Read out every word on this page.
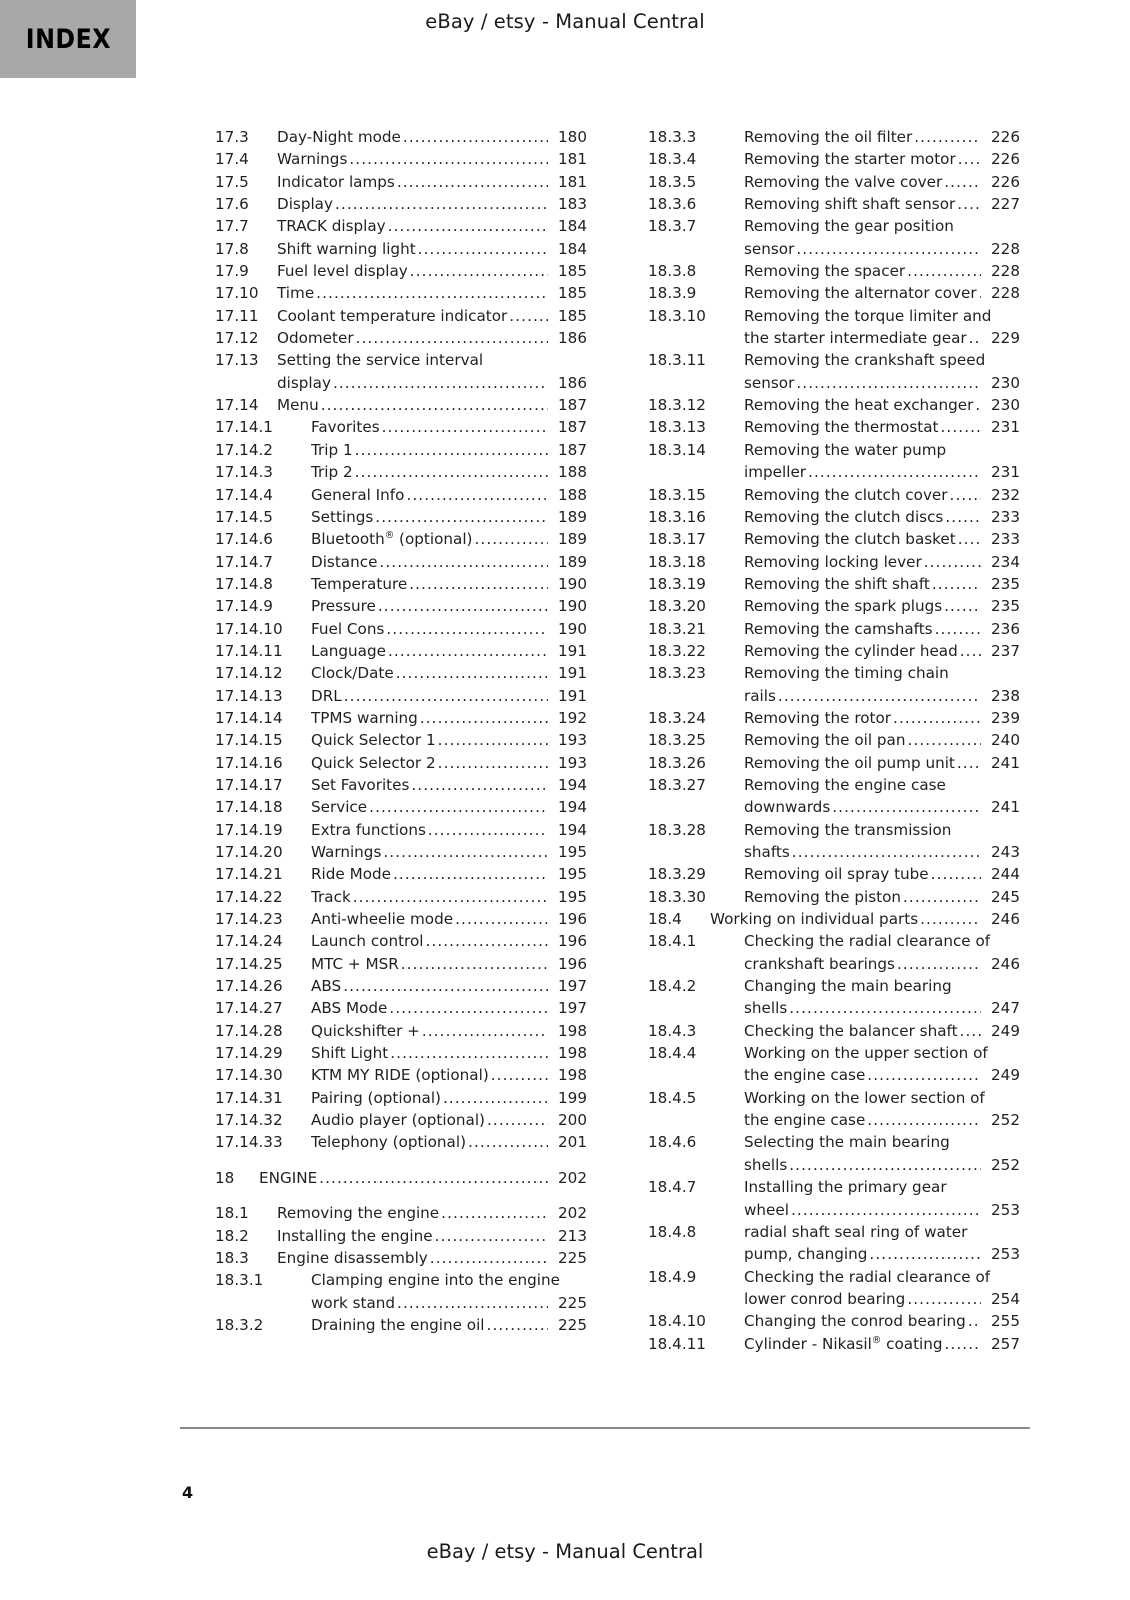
INDEX
eBay / etsy - Manual Central
17.3	Day-Night mode .....	180
17.4	Warnings .....	181
17.5	Indicator lamps .....	181
17.6	Display .....	183
17.7	TRACK display .....	184
17.8	Shift warning light .....	184
17.9	Fuel level display .....	185
17.10	Time .....	185
17.11	Coolant temperature indicator .....	185
17.12	Odometer .....	186
17.13	Setting the service interval
display .....	186
17.14	Menu .....	187
17.14.1	Favorites .....	187
17.14.2	Trip 1 .....	187
17.14.3	Trip 2 .....	188
17.14.4	General Info .....	188
17.14.5	Settings .....	189
17.14.6	Bluetooth® (optional) .....	189
17.14.7	Distance .....	189
17.14.8	Temperature .....	190
17.14.9	Pressure .....	190
17.14.10	Fuel Cons .....	190
17.14.11	Language .....	191
17.14.12	Clock/Date .....	191
17.14.13	DRL .....	191
17.14.14	TPMS warning .....	192
17.14.15	Quick Selector 1 .....	193
17.14.16	Quick Selector 2 .....	193
17.14.17	Set Favorites .....	194
17.14.18	Service .....	194
17.14.19	Extra functions .....	194
17.14.20	Warnings .....	195
17.14.21	Ride Mode .....	195
17.14.22	Track .....	195
17.14.23	Anti-wheelie mode .....	196
17.14.24	Launch control .....	196
17.14.25	MTC + MSR .....	196
17.14.26	ABS .....	197
17.14.27	ABS Mode .....	197
17.14.28	Quickshifter + .....	198
17.14.29	Shift Light .....	198
17.14.30	KTM MY RIDE (optional) .....	198
17.14.31	Pairing (optional) .....	199
17.14.32	Audio player (optional) .....	200
17.14.33	Telephony (optional) .....	201
18	ENGINE .....	202
18.1	Removing the engine .....	202
18.2	Installing the engine .....	213
18.3	Engine disassembly .....	225
18.3.1	Clamping engine into the engine
work stand .....	225
18.3.2	Draining the engine oil .....	225
18.3.3	Removing the oil filter .....	226
18.3.4	Removing the starter motor .....	226
18.3.5	Removing the valve cover .....	226
18.3.6	Removing shift shaft sensor .....	227
18.3.7	Removing the gear position
sensor .....	228
18.3.8	Removing the spacer .....	228
18.3.9	Removing the alternator cover ..... 228
18.3.10	Removing the torque limiter and
the starter intermediate gear .....	229
18.3.11	Removing the crankshaft speed
sensor .....	230
18.3.12	Removing the heat exchanger .....	230
18.3.13	Removing the thermostat .....	231
18.3.14	Removing the water pump
impeller .....	231
18.3.15	Removing the clutch cover .....	232
18.3.16	Removing the clutch discs .....	233
18.3.17	Removing the clutch basket .....	233
18.3.18	Removing locking lever .....	234
18.3.19	Removing the shift shaft .....	235
18.3.20	Removing the spark plugs .....	235
18.3.21	Removing the camshafts .....	236
18.3.22	Removing the cylinder head .....	237
18.3.23	Removing the timing chain
rails .....	238
18.3.24	Removing the rotor .....	239
18.3.25	Removing the oil pan .....	240
18.3.26	Removing the oil pump unit .....	241
18.3.27	Removing the engine case
downwards .....	241
18.3.28	Removing the transmission
shafts .....	243
18.3.29	Removing oil spray tube .....	244
18.3.30	Removing the piston .....	245
18.4	Working on individual parts .....	246
18.4.1	Checking the radial clearance of
crankshaft bearings .....	246
18.4.2	Changing the main bearing
shells .....	247
18.4.3	Checking the balancer shaft .....	249
18.4.4	Working on the upper section of
the engine case .....	249
18.4.5	Working on the lower section of
the engine case .....	252
18.4.6	Selecting the main bearing
shells .....	252
18.4.7	Installing the primary gear
wheel .....	253
18.4.8	radial shaft seal ring of water
pump, changing .....	253
18.4.9	Checking the radial clearance of
lower conrod bearing .....	254
18.4.10	Changing the conrod bearing .....	255
18.4.11	Cylinder - Nikasil® coating .....	257
4
eBay / etsy - Manual Central
